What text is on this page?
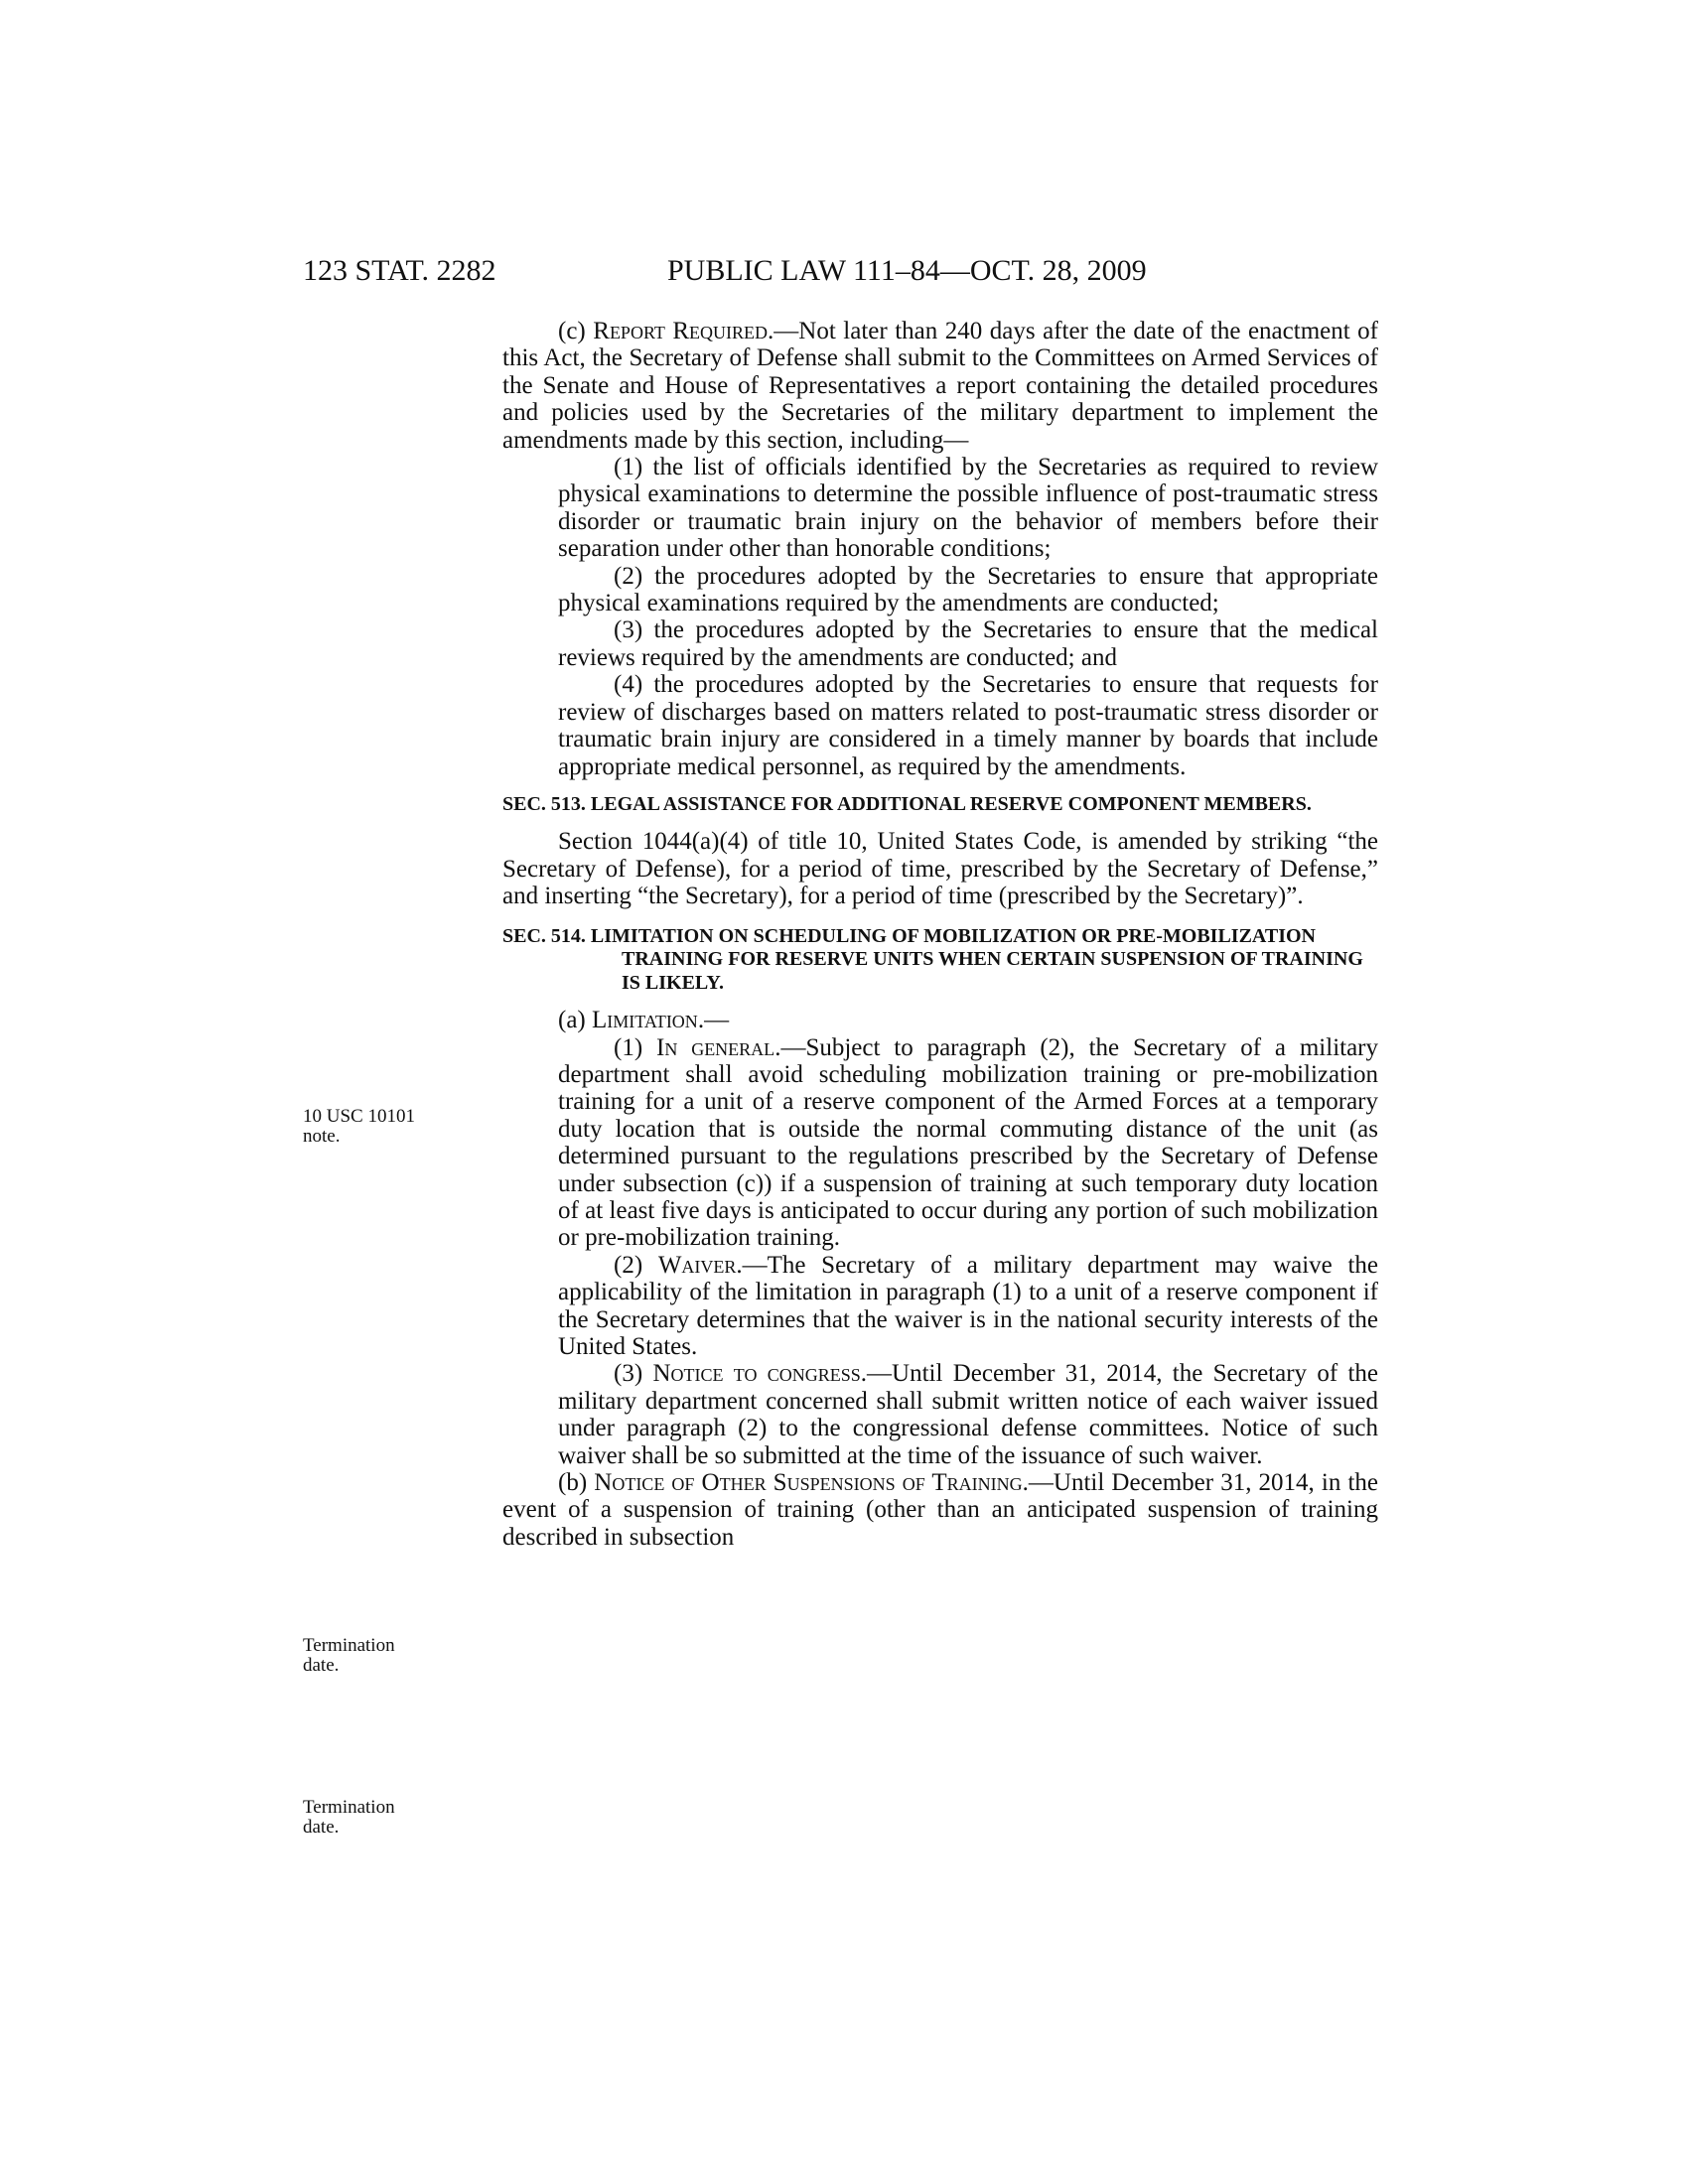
123 STAT. 2282	PUBLIC LAW 111–84—OCT. 28, 2009
10 USC 10101
note.
Termination
date.
Termination
date.

(c) Report Required.—Not later than 240 days after the date of the enactment of this Act, the Secretary of Defense shall submit to the Committees on Armed Services of the Senate and House of Representatives a report containing the detailed procedures and policies used by the Secretaries of the military department to implement the amendments made by this section, including—

(1) the list of officials identified by the Secretaries as required to review physical examinations to determine the possible influence of post-traumatic stress disorder or traumatic brain injury on the behavior of members before their separation under other than honorable conditions;

(2) the procedures adopted by the Secretaries to ensure that appropriate physical examinations required by the amendments are conducted;

(3) the procedures adopted by the Secretaries to ensure that the medical reviews required by the amendments are conducted; and

(4) the procedures adopted by the Secretaries to ensure that requests for review of discharges based on matters related to post-traumatic stress disorder or traumatic brain injury are considered in a timely manner by boards that include appropriate medical personnel, as required by the amendments.

SEC. 513. LEGAL ASSISTANCE FOR ADDITIONAL RESERVE COMPONENT MEMBERS.

Section 1044(a)(4) of title 10, United States Code, is amended by striking “the Secretary of Defense), for a period of time, prescribed by the Secretary of Defense,” and inserting “the Secretary), for a period of time (prescribed by the Secretary)”.

SEC. 514. LIMITATION ON SCHEDULING OF MOBILIZATION OR PRE-MOBILIZATION TRAINING FOR RESERVE UNITS WHEN CERTAIN SUSPENSION OF TRAINING IS LIKELY.

(a) Limitation.—

(1) In general.—Subject to paragraph (2), the Secretary of a military department shall avoid scheduling mobilization training or pre-mobilization training for a unit of a reserve component of the Armed Forces at a temporary duty location that is outside the normal commuting distance of the unit (as determined pursuant to the regulations prescribed by the Secretary of Defense under subsection (c)) if a suspension of training at such temporary duty location of at least five days is anticipated to occur during any portion of such mobilization or pre-mobilization training.

(2) Waiver.—The Secretary of a military department may waive the applicability of the limitation in paragraph (1) to a unit of a reserve component if the Secretary determines that the waiver is in the national security interests of the United States.

(3) Notice to congress.—Until December 31, 2014, the Secretary of the military department concerned shall submit written notice of each waiver issued under paragraph (2) to the congressional defense committees. Notice of such waiver shall be so submitted at the time of the issuance of such waiver.

(b) Notice of Other Suspensions of Training.—Until December 31, 2014, in the event of a suspension of training (other than an anticipated suspension of training described in subsection
